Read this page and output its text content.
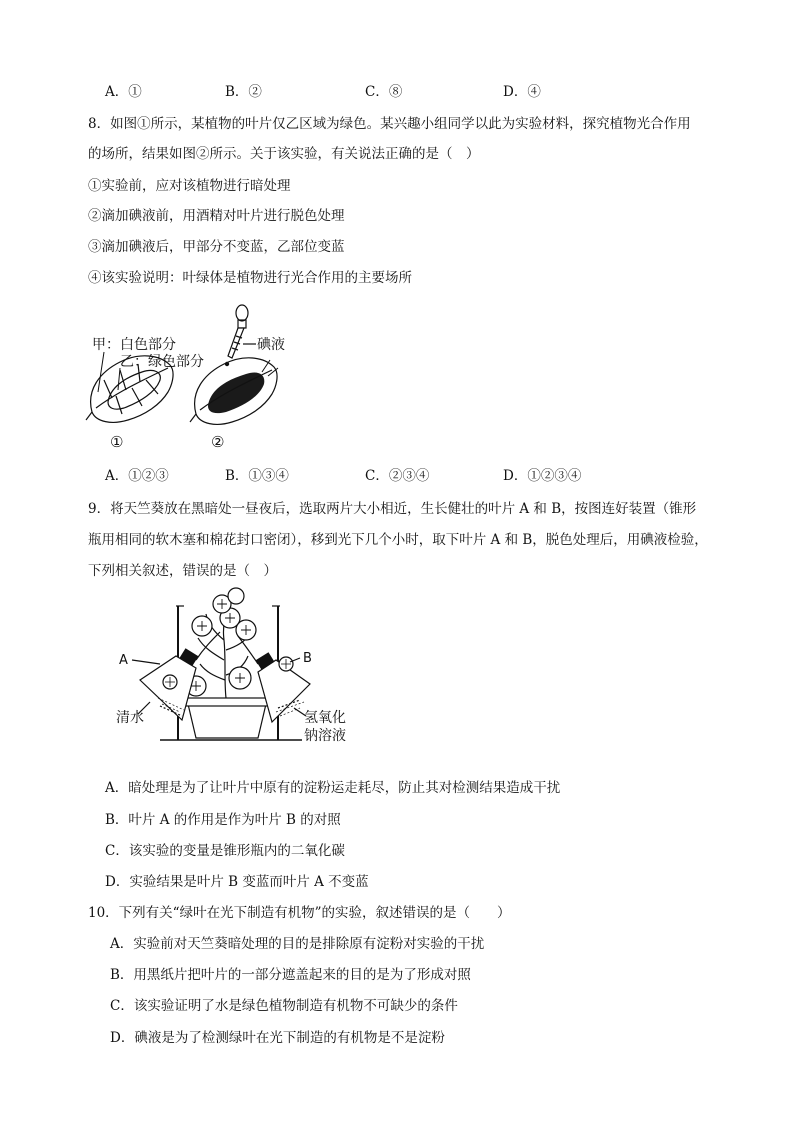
A．①	B．②	C．⑧	D．④
8．如图①所示，某植物的叶片仅乙区域为绿色。某兴趣小组同学以此为实验材料，探究植物光合作用
的场所，结果如图②所示。关于该实验，有关说法正确的是（　）
①实验前，应对该植物进行暗处理
②滴加碘液前，用酒精对叶片进行脱色处理
③滴加碘液后，甲部分不变蓝，乙部位变蓝
④该实验说明：叶绿体是植物进行光合作用的主要场所
甲：白色部分
乙：绿色部分
碘液
①	②
A．①②③	B．①③④	C．②③④	D．①②③④
9．将天竺葵放在黑暗处一昼夜后，选取两片大小相近，生长健壮的叶片 A 和 B，按图连好装置（锥形
瓶用相同的软木塞和棉花封口密闭），移到光下几个小时，取下叶片 A 和 B，脱色处理后，用碘液检验，
下列相关叙述，错误的是（　）
A	B
清水	氢氧化
钠溶液
A．暗处理是为了让叶片中原有的淀粉运走耗尽，防止其对检测结果造成干扰
B．叶片 A 的作用是作为叶片 B 的对照
C．该实验的变量是锥形瓶内的二氧化碳
D．实验结果是叶片 B 变蓝而叶片 A 不变蓝
10．下列有关“绿叶在光下制造有机物”的实验，叙述错误的是（　　）
A．实验前对天竺葵暗处理的目的是排除原有淀粉对实验的干扰
B．用黑纸片把叶片的一部分遮盖起来的目的是为了形成对照
C．该实验证明了水是绿色植物制造有机物不可缺少的条件
D．碘液是为了检测绿叶在光下制造的有机物是不是淀粉
